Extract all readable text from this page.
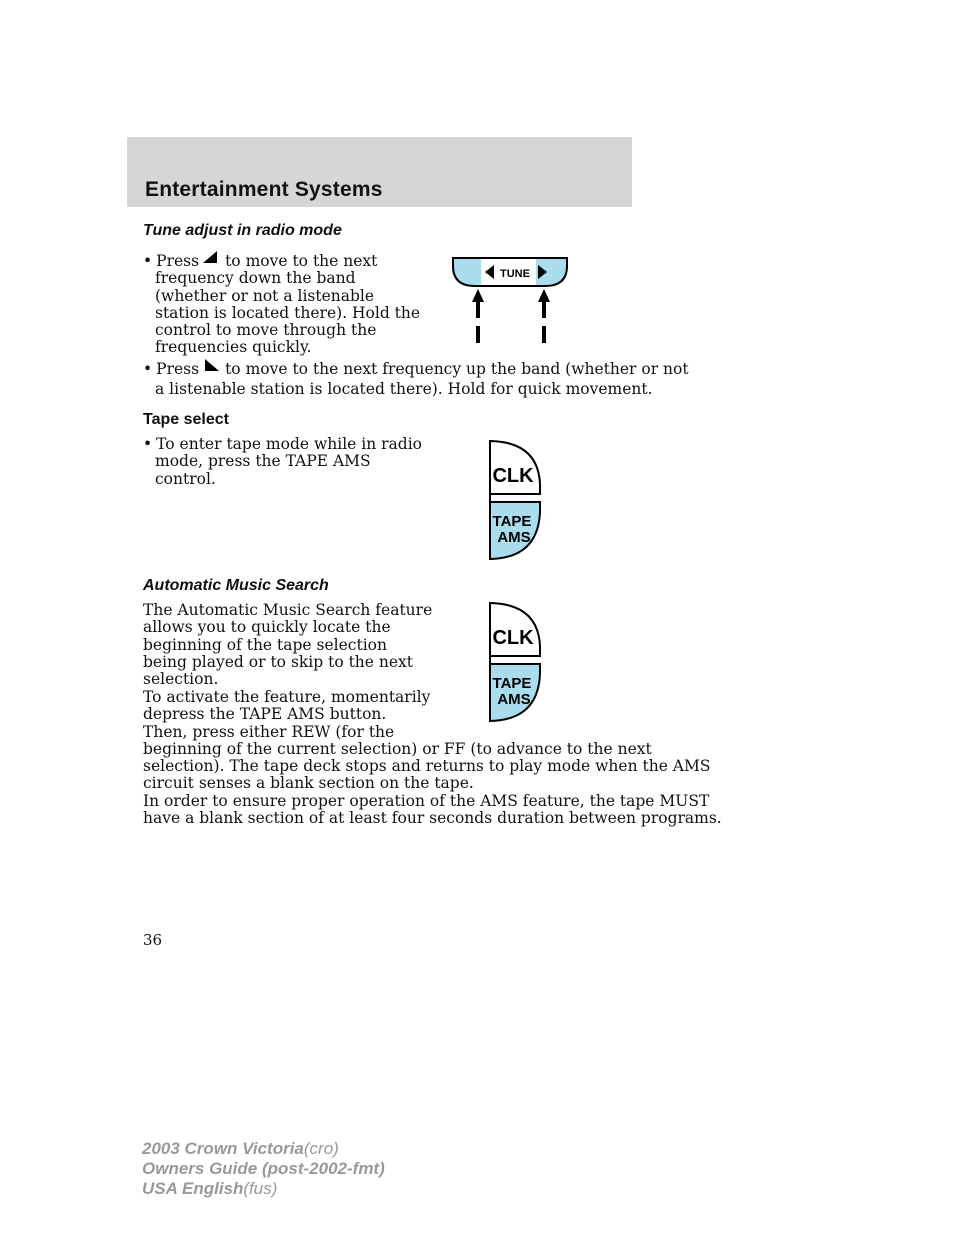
Entertainment Systems
Tune adjust in radio mode
• Press to move to the next
frequency down the band
(whether or not a listenable
station is located there). Hold the
control to move through the
frequencies quickly.
TUNE
• Press to move to the next frequency up the band (whether or not
a listenable station is located there). Hold for quick movement.
Tape select
• To enter tape mode while in radio
mode, press the TAPE AMS
control.	CLK
TAPE
AMS
Automatic Music Search
The Automatic Music Search feature
allows you to quickly locate the
beginning of the tape selection
being played or to skip to the next
selection.
CLK
TAPE
AMS
To activate the feature, momentarily
depress the TAPE AMS button.
Then, press either REW (for the
beginning of the current selection) or FF (to advance to the next
selection). The tape deck stops and returns to play mode when the AMS
circuit senses a blank section on the tape.
In order to ensure proper operation of the AMS feature, the tape MUST
have a blank section of at least four seconds duration between programs.
36
2003 Crown Victoria(cro)
Owners Guide (post-2002-fmt)
USA English(fus)
